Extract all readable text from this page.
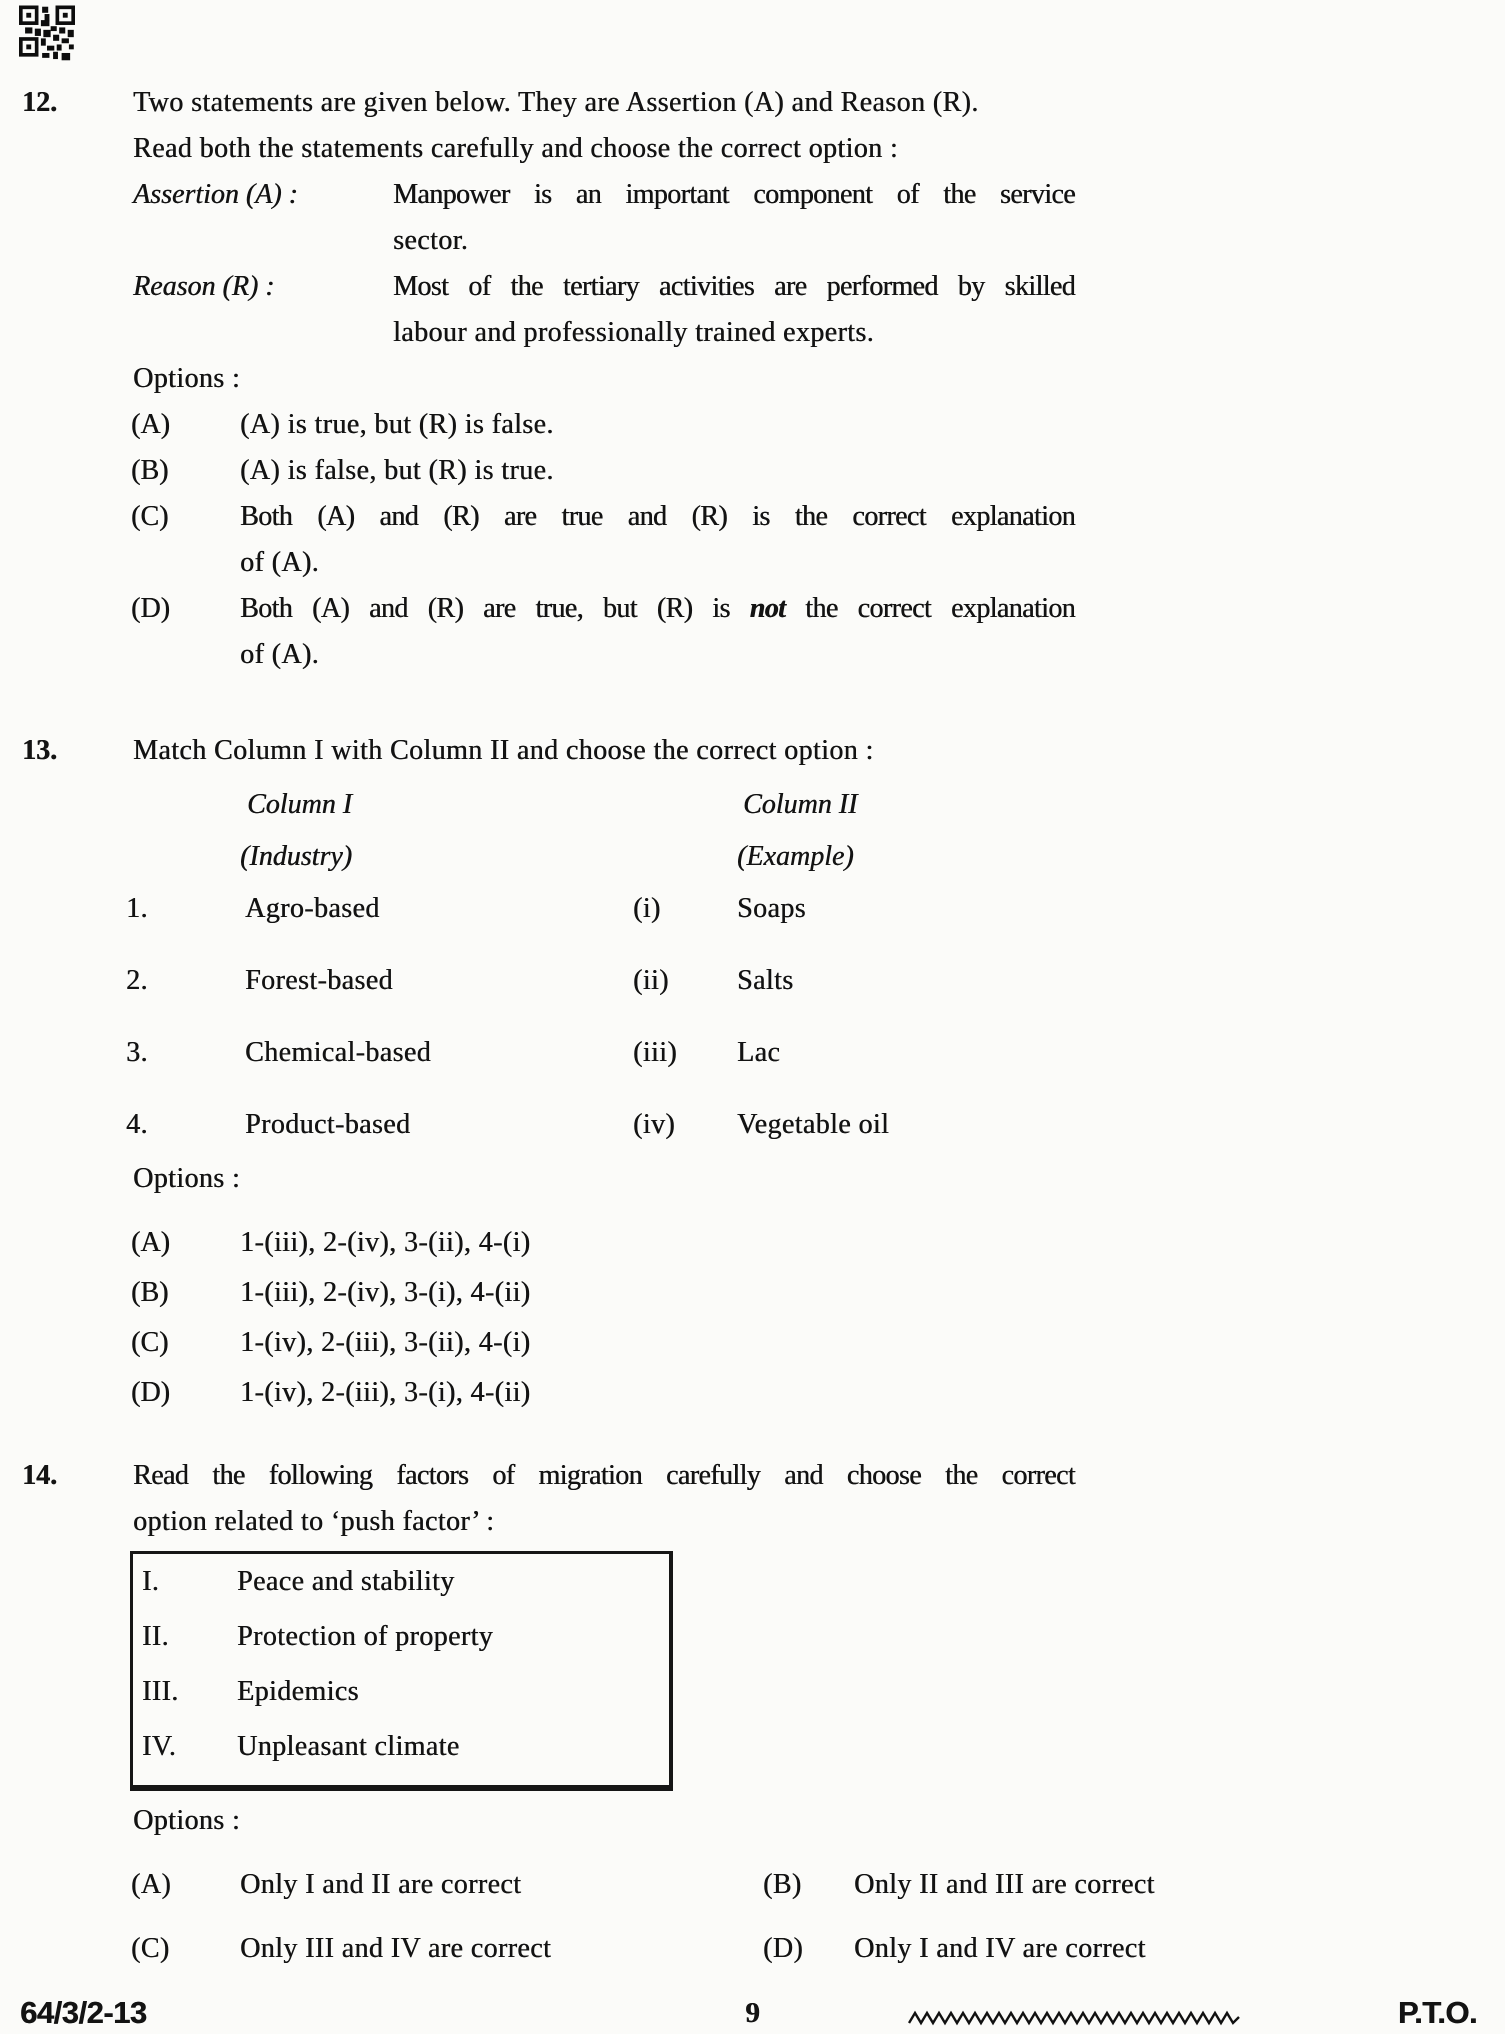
12.	Two statements are given below. They are Assertion (A) and Reason (R).
Read both the statements carefully and choose the correct option :
Assertion (A) :	Manpower is an important component of the service
sector.
Reason (R) :	Most of the tertiary activities are performed by skilled
labour and professionally trained experts.
Options :
(A)	(A) is true, but (R) is false.
(B)	(A) is false, but (R) is true.
(C)	Both (A) and (R) are true and (R) is the correct explanation
of (A).
(D)	Both (A) and (R) are true, but (R) is not the correct explanation
of (A).
13.	Match Column I with Column II and choose the correct option :
Column I	Column II
(Industry)	(Example)
1.	Agro-based	(i)	Soaps
2.	Forest-based	(ii) Salts
3.	Chemical-based	(iii) Lac
4.	Product-based	(iv) Vegetable oil
Options :
(A)	1-(iii), 2-(iv), 3-(ii), 4-(i)
(B)	1-(iii), 2-(iv), 3-(i), 4-(ii)
(C)	1-(iv), 2-(iii), 3-(ii), 4-(i)
(D)	1-(iv), 2-(iii), 3-(i), 4-(ii)
14.	Read the following factors of migration carefully and choose the correct
option related to ‘push factor’ :
I.	Peace and stability
II. Protection of property
III. Epidemics
IV. Unpleasant climate
Options :
(A) Only I and II are correct	(B) Only II and III are correct
(C)	Only III and IV are correct	(D) Only I and IV are correct
64/3/2-13	9	P.T.O.
